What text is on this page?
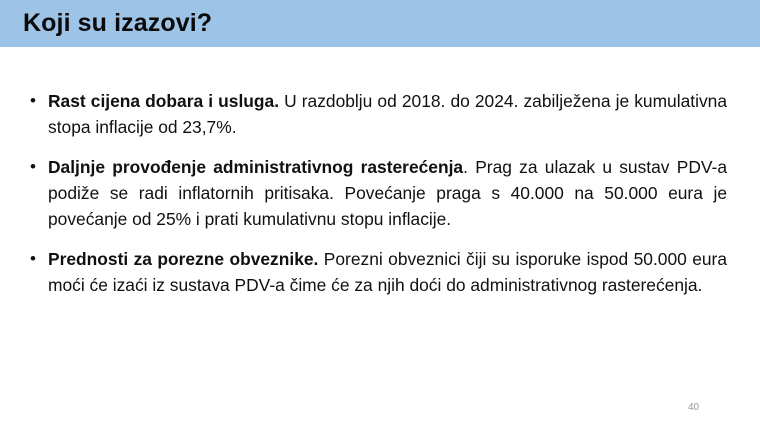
Koji su izazovi?

• Rast cijena dobara i usluga. U razdoblju od 2018. do 2024. zabilježena je kumulativna stopa inflacije od 23,7%.

• Daljnje provođenje administrativnog rasterećenja. Prag za ulazak u sustav PDV-a podiže se radi inflatornih pritisaka. Povećanje praga s 40.000 na 50.000 eura je povećanje od 25% i prati kumulativnu stopu inflacije.

• Prednosti za porezne obveznike. Porezni obveznici čiji su isporuke ispod 50.000 eura moći će izaći iz sustava PDV-a čime će za njih doći do administrativnog rasterećenja.

40
